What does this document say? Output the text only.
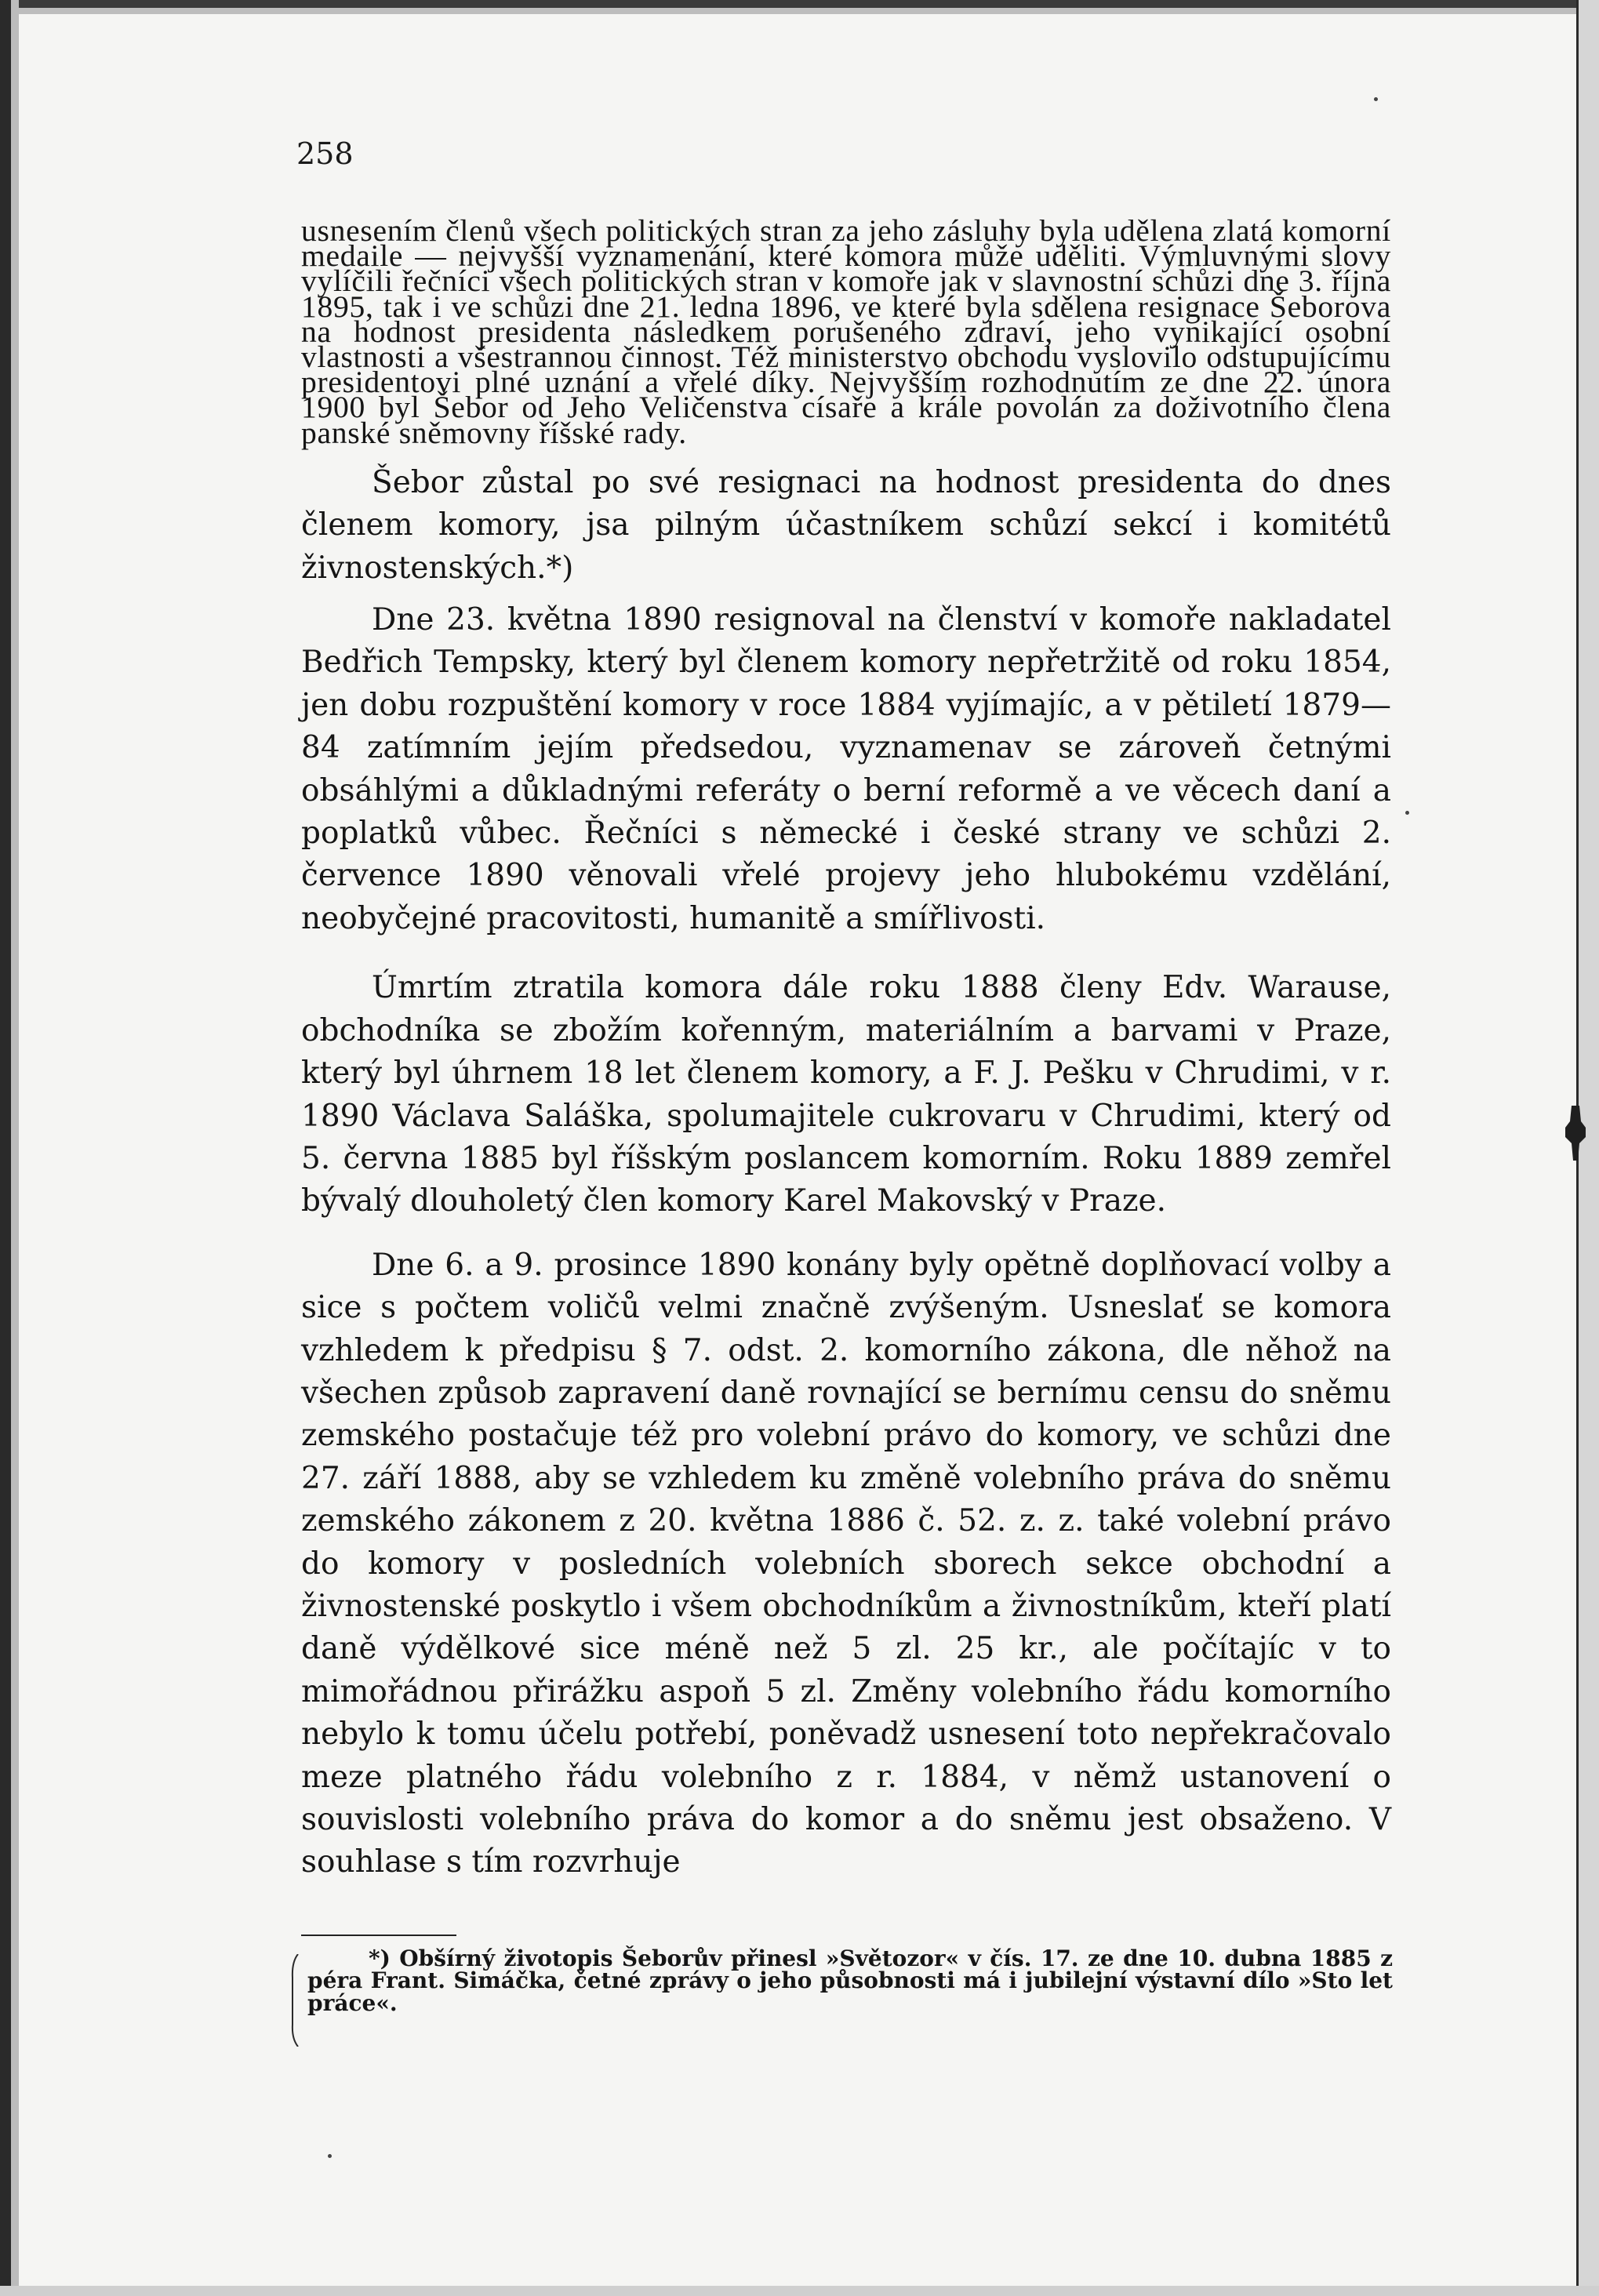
258

usnesením členů všech politických stran za jeho zásluhy byla udělena zlatá komorní medaile — nejvyšší vyznamenání, které komora může uděliti. Výmluvnými slovy vylíčili řečníci všech politických stran v komoře jak v slavnostní schůzi dne 3. října 1895, tak i ve schůzi dne 21. ledna 1896, ve které byla sdělena resignace Šeborova na hodnost presidenta následkem porušeného zdraví, jeho vynikající osobní vlastnosti a všestrannou činnost. Též ministerstvo obchodu vyslovilo odstupujícímu presidentovi plné uznání a vřelé díky. Nejvyšším rozhodnutím ze dne 22. února 1900 byl Šebor od Jeho Veličenstva císaře a krále povolán za doživotního člena panské sněmovny říšské rady.

Šebor zůstal po své resignaci na hodnost presidenta do dnes členem komory, jsa pilným účastníkem schůzí sekcí i komitétů živnostenských.*)

Dne 23. května 1890 resignoval na členství v komoře nakladatel Bedřich Tempsky, který byl členem komory nepřetržitě od roku 1854, jen dobu rozpuštění komory v roce 1884 vyjímajíc, a v pětiletí 1879—84 zatímním jejím předsedou, vyznamenav se zároveň četnými obsáhlými a důkladnými referáty o berní reformě a ve věcech daní a poplatků vůbec. Řečníci s německé i české strany ve schůzi 2. července 1890 věnovali vřelé projevy jeho hlubokému vzdělání, neobyčejné pracovitosti, humanitě a smířlivosti.

Úmrtím ztratila komora dále roku 1888 členy Edv. Warause, obchodníka se zbožím kořenným, materiálním a barvami v Praze, který byl úhrnem 18 let členem komory, a F. J. Pešku v Chrudimi, v r. 1890 Václava Saláška, spolumajitele cukrovaru v Chrudimi, který od 5. června 1885 byl říšským poslancem komorním. Roku 1889 zemřel bývalý dlouholetý člen komory Karel Makovský v Praze.

Dne 6. a 9. prosince 1890 konány byly opětně doplňovací volby a sice s počtem voličů velmi značně zvýšeným. Usneslať se komora vzhledem k předpisu § 7. odst. 2. komorního zákona, dle něhož na všechen způsob zapravení daně rovnající se bernímu censu do sněmu zemského postačuje též pro volební právo do komory, ve schůzi dne 27. září 1888, aby se vzhledem ku změně volebního práva do sněmu zemského zákonem z 20. května 1886 č. 52. z. z. také volební právo do komory v posledních volebních sborech sekce obchodní a živnostenské poskytlo i všem obchodníkům a živnostníkům, kteří platí daně výdělkové sice méně než 5 zl. 25 kr., ale počítajíc v to mimořádnou přirážku aspoň 5 zl. Změny volebního řádu komorního nebylo k tomu účelu potřebí, poněvadž usnesení toto nepřekračovalo meze platného řádu volebního z r. 1884, v němž ustanovení o souvislosti volebního práva do komor a do sněmu jest obsaženo. V souhlase s tím rozvrhuje

*) Obšírný životopis Šeborův přinesl »Světozor« v čís. 17. ze dne 10. dubna 1885 z péra Frant. Simáčka, četné zprávy o jeho působnosti má i jubilejní výstavní dílo »Sto let práce«.
